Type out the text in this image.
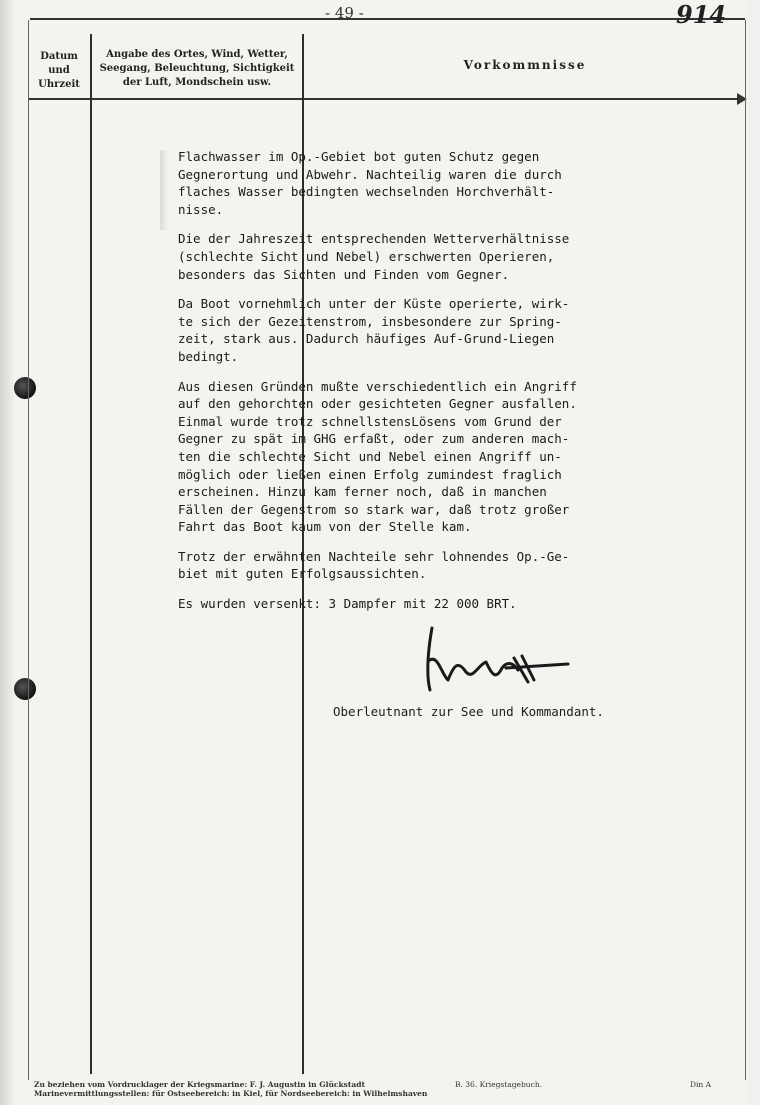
- 49 -	914
Datum und Uhrzeit
Angabe des Ortes, Wind, Wetter, Seegang, Beleuchtung, Sichtigkeit der Luft, Mondschein usw.
Vorkommnisse

Flachwasser im Op.-Gebiet bot guten Schutz gegen
Gegnerortung und Abwehr. Nachteilig waren die durch
flaches Wasser bedingten wechselnden Horchverhält-
nisse.

Die der Jahreszeit entsprechenden Wetterverhältnisse
(schlechte Sicht und Nebel) erschwerten Operieren,
besonders das Sichten und Finden vom Gegner.

Da Boot vornehmlich unter der Küste operierte, wirk-
te sich der Gezeitenstrom, insbesondere zur Spring-
zeit, stark aus. Dadurch häufiges Auf-Grund-Liegen
bedingt.

Aus diesen Gründen mußte verschiedentlich ein Angriff
auf den gehorchten oder gesichteten Gegner ausfallen.
Einmal wurde trotz schnellstensLösens vom Grund der
Gegner zu spät im GHG erfaßt, oder zum anderen mach-
ten die schlechte Sicht und Nebel einen Angriff un-
möglich oder ließen einen Erfolg zumindest fraglich
erscheinen. Hinzu kam ferner noch, daß in manchen
Fällen der Gegenstrom so stark war, daß trotz großer
Fahrt das Boot kaum von der Stelle kam.

Trotz der erwähnten Nachteile sehr lohnendes Op.-Ge-
biet mit guten Erfolgsaussichten.

Es wurden versenkt: 3 Dampfer mit 22 000 BRT.

Oberleutnant zur See und Kommandant.
Zu beziehen vom Vordrucklager der Kriegsmarine: F. J. Augustin in Glückstadt
Marinevermittlungsstellen: für Ostseebereich: in Kiel, für Nordseebereich: in Wilhelmshaven
B. 36. Kriegstagebuch.	Din A
